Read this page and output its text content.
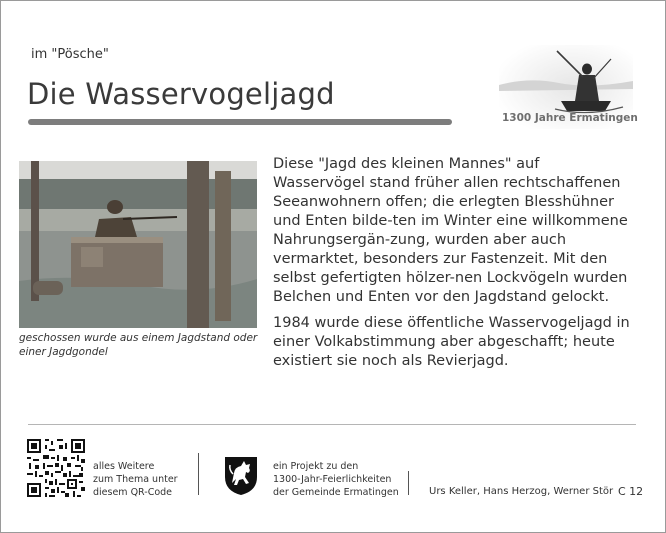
im "Pösche"
Die Wasservogeljagd
1300 Jahre Ermatingen
geschossen wurde aus einem Jagdstand oder einer Jagdgondel

Diese "Jagd des kleinen Mannes" auf Wasservögel stand früher allen rechtschaffenen Seeanwohnern offen; die erlegten Blesshühner und Enten bilde-ten im Winter eine willkommene Nahrungsergän-zung, wurden aber auch vermarktet, besonders zur Fastenzeit. Mit den selbst gefertigten hölzer-nen Lockvögeln wurden Belchen und Enten vor den Jagdstand gelockt.

1984 wurde diese öffentliche Wasservogeljagd in einer Volkabstimmung aber abgeschafft; heute existiert sie noch als Revierjagd.

alles Weitere
zum Thema unter
diesem QR-Code
ein Projekt zu den
1300-Jahr-Feierlichkeiten
der Gemeinde Ermatingen	Urs Keller, Hans Herzog, Werner Stör C 12
